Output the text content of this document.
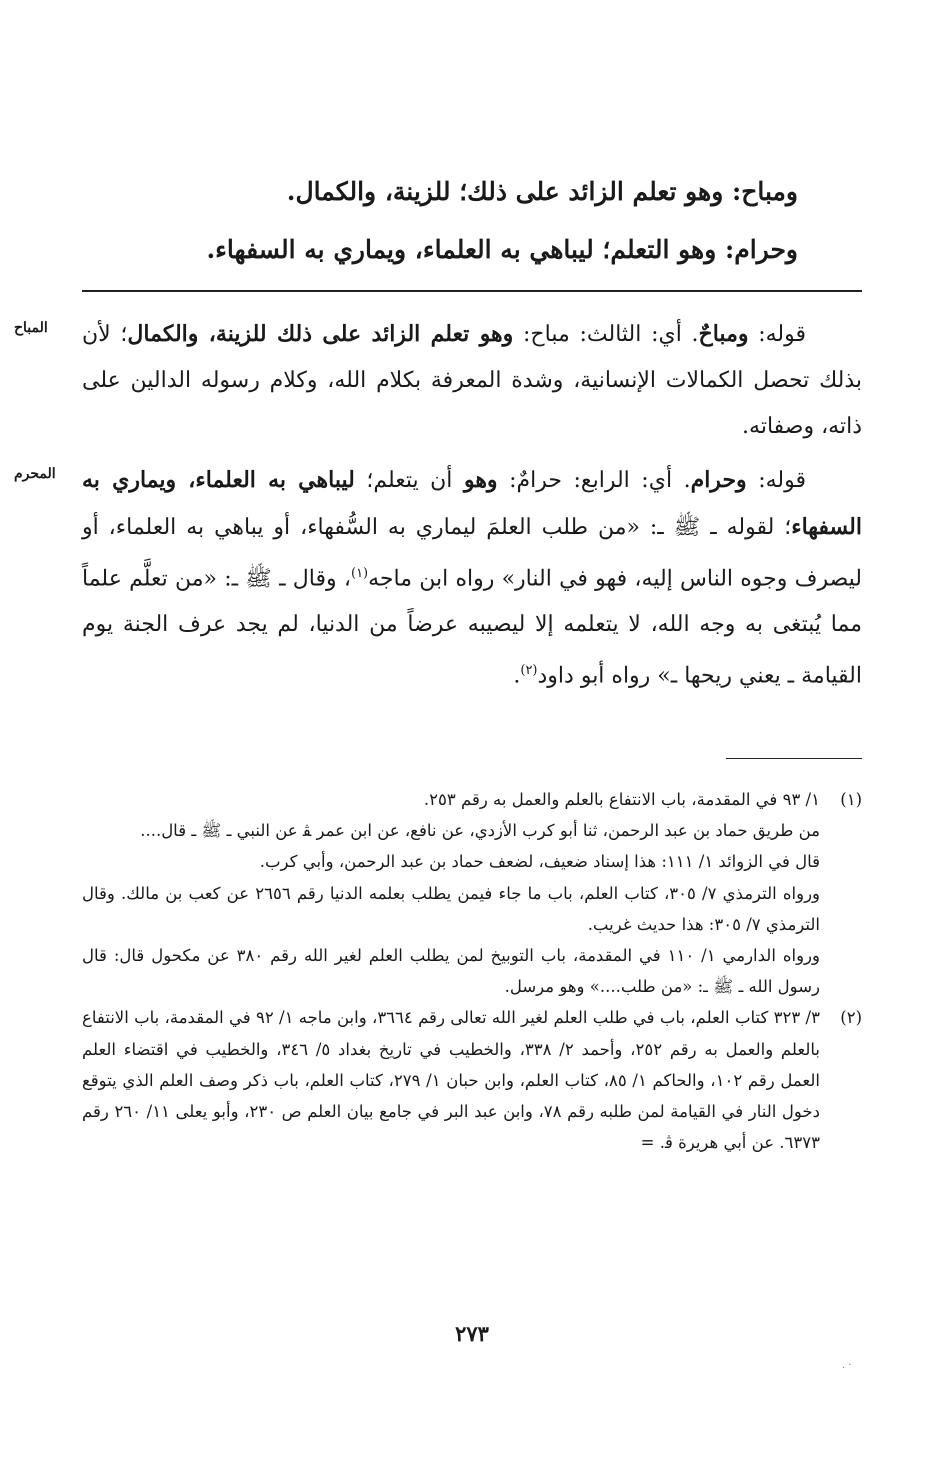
ومباح: وهو تعلم الزائد على ذلك؛ للزينة، والكمال.

وحرام: وهو التعلم؛ ليباهي به العلماء، ويماري به السفهاء.

المباح
المحرم

قوله: ومباحٌ. أي: الثالث: مباح: وهو تعلم الزائد على ذلك للزينة، والكمال؛ لأن بذلك تحصل الكمالات الإنسانية، وشدة المعرفة بكلام الله، وكلام رسوله الدالين على ذاته، وصفاته.

قوله: وحرام. أي: الرابع: حرامٌ: وهو أن يتعلم؛ ليباهي به العلماء، ويماري به السفهاء؛ لقوله ـ ﷺ ـ: «من طلب العلمَ ليماري به السُّفهاء، أو يباهي به العلماء، أو ليصرف وجوه الناس إليه، فهو في النار» رواه ابن ماجه$^{(١)}$، وقال ـ ﷺ ـ: «من تعلَّم علماً مما يُبتغى به وجه الله، لا يتعلمه إلا ليصيبه عرضاً من الدنيا، لم يجد عرف الجنة يوم القيامة ـ يعني ريحها ـ» رواه أبو داود$^{(٢)}$.

(١)
١/ ٩٣ في المقدمة، باب الانتفاع بالعلم والعمل به رقم ٢٥٣.
من طريق حماد بن عبد الرحمن، ثنا أبو كرب الأزدي، عن نافع، عن ابن عمر ﭭ عن النبي ـ ﷺ ـ قال....
قال في الزوائد ١/ ١١١: هذا إسناد ضعيف، لضعف حماد بن عبد الرحمن، وأبي كرب.
ورواه الترمذي ٧/ ٣٠٥، كتاب العلم، باب ما جاء فيمن يطلب بعلمه الدنيا رقم ٢٦٥٦ عن كعب بن مالك. وقال الترمذي ٧/ ٣٠٥: هذا حديث غريب.
ورواه الدارمي ١/ ١١٠ في المقدمة، باب التوبيخ لمن يطلب العلم لغير الله رقم ٣٨٠ عن مكحول قال: قال رسول الله ـ ﷺ ـ: «من طلب....» وهو مرسل.
(٢)
٣/ ٣٢٣ كتاب العلم، باب في طلب العلم لغير الله تعالى رقم ٣٦٦٤، وابن ماجه ١/ ٩٢ في المقدمة، باب الانتفاع بالعلم والعمل به رقم ٢٥٢، وأحمد ٢/ ٣٣٨، والخطيب في تاريخ بغداد ٥/ ٣٤٦، والخطيب في اقتضاء العلم العمل رقم ١٠٢، والحاكم ١/ ٨٥، كتاب العلم، وابن حبان ١/ ٢٧٩، كتاب العلم، باب ذكر وصف العلم الذي يتوقع دخول النار في القيامة لمن طلبه رقم ٧٨، وابن عبد البر في جامع بيان العلم ص ٢٣٠، وأبو يعلى ١١/ ٢٦٠ رقم ٦٣٧٣. عن أبي هريرة ﭬ. =
٢٧٣
· .
